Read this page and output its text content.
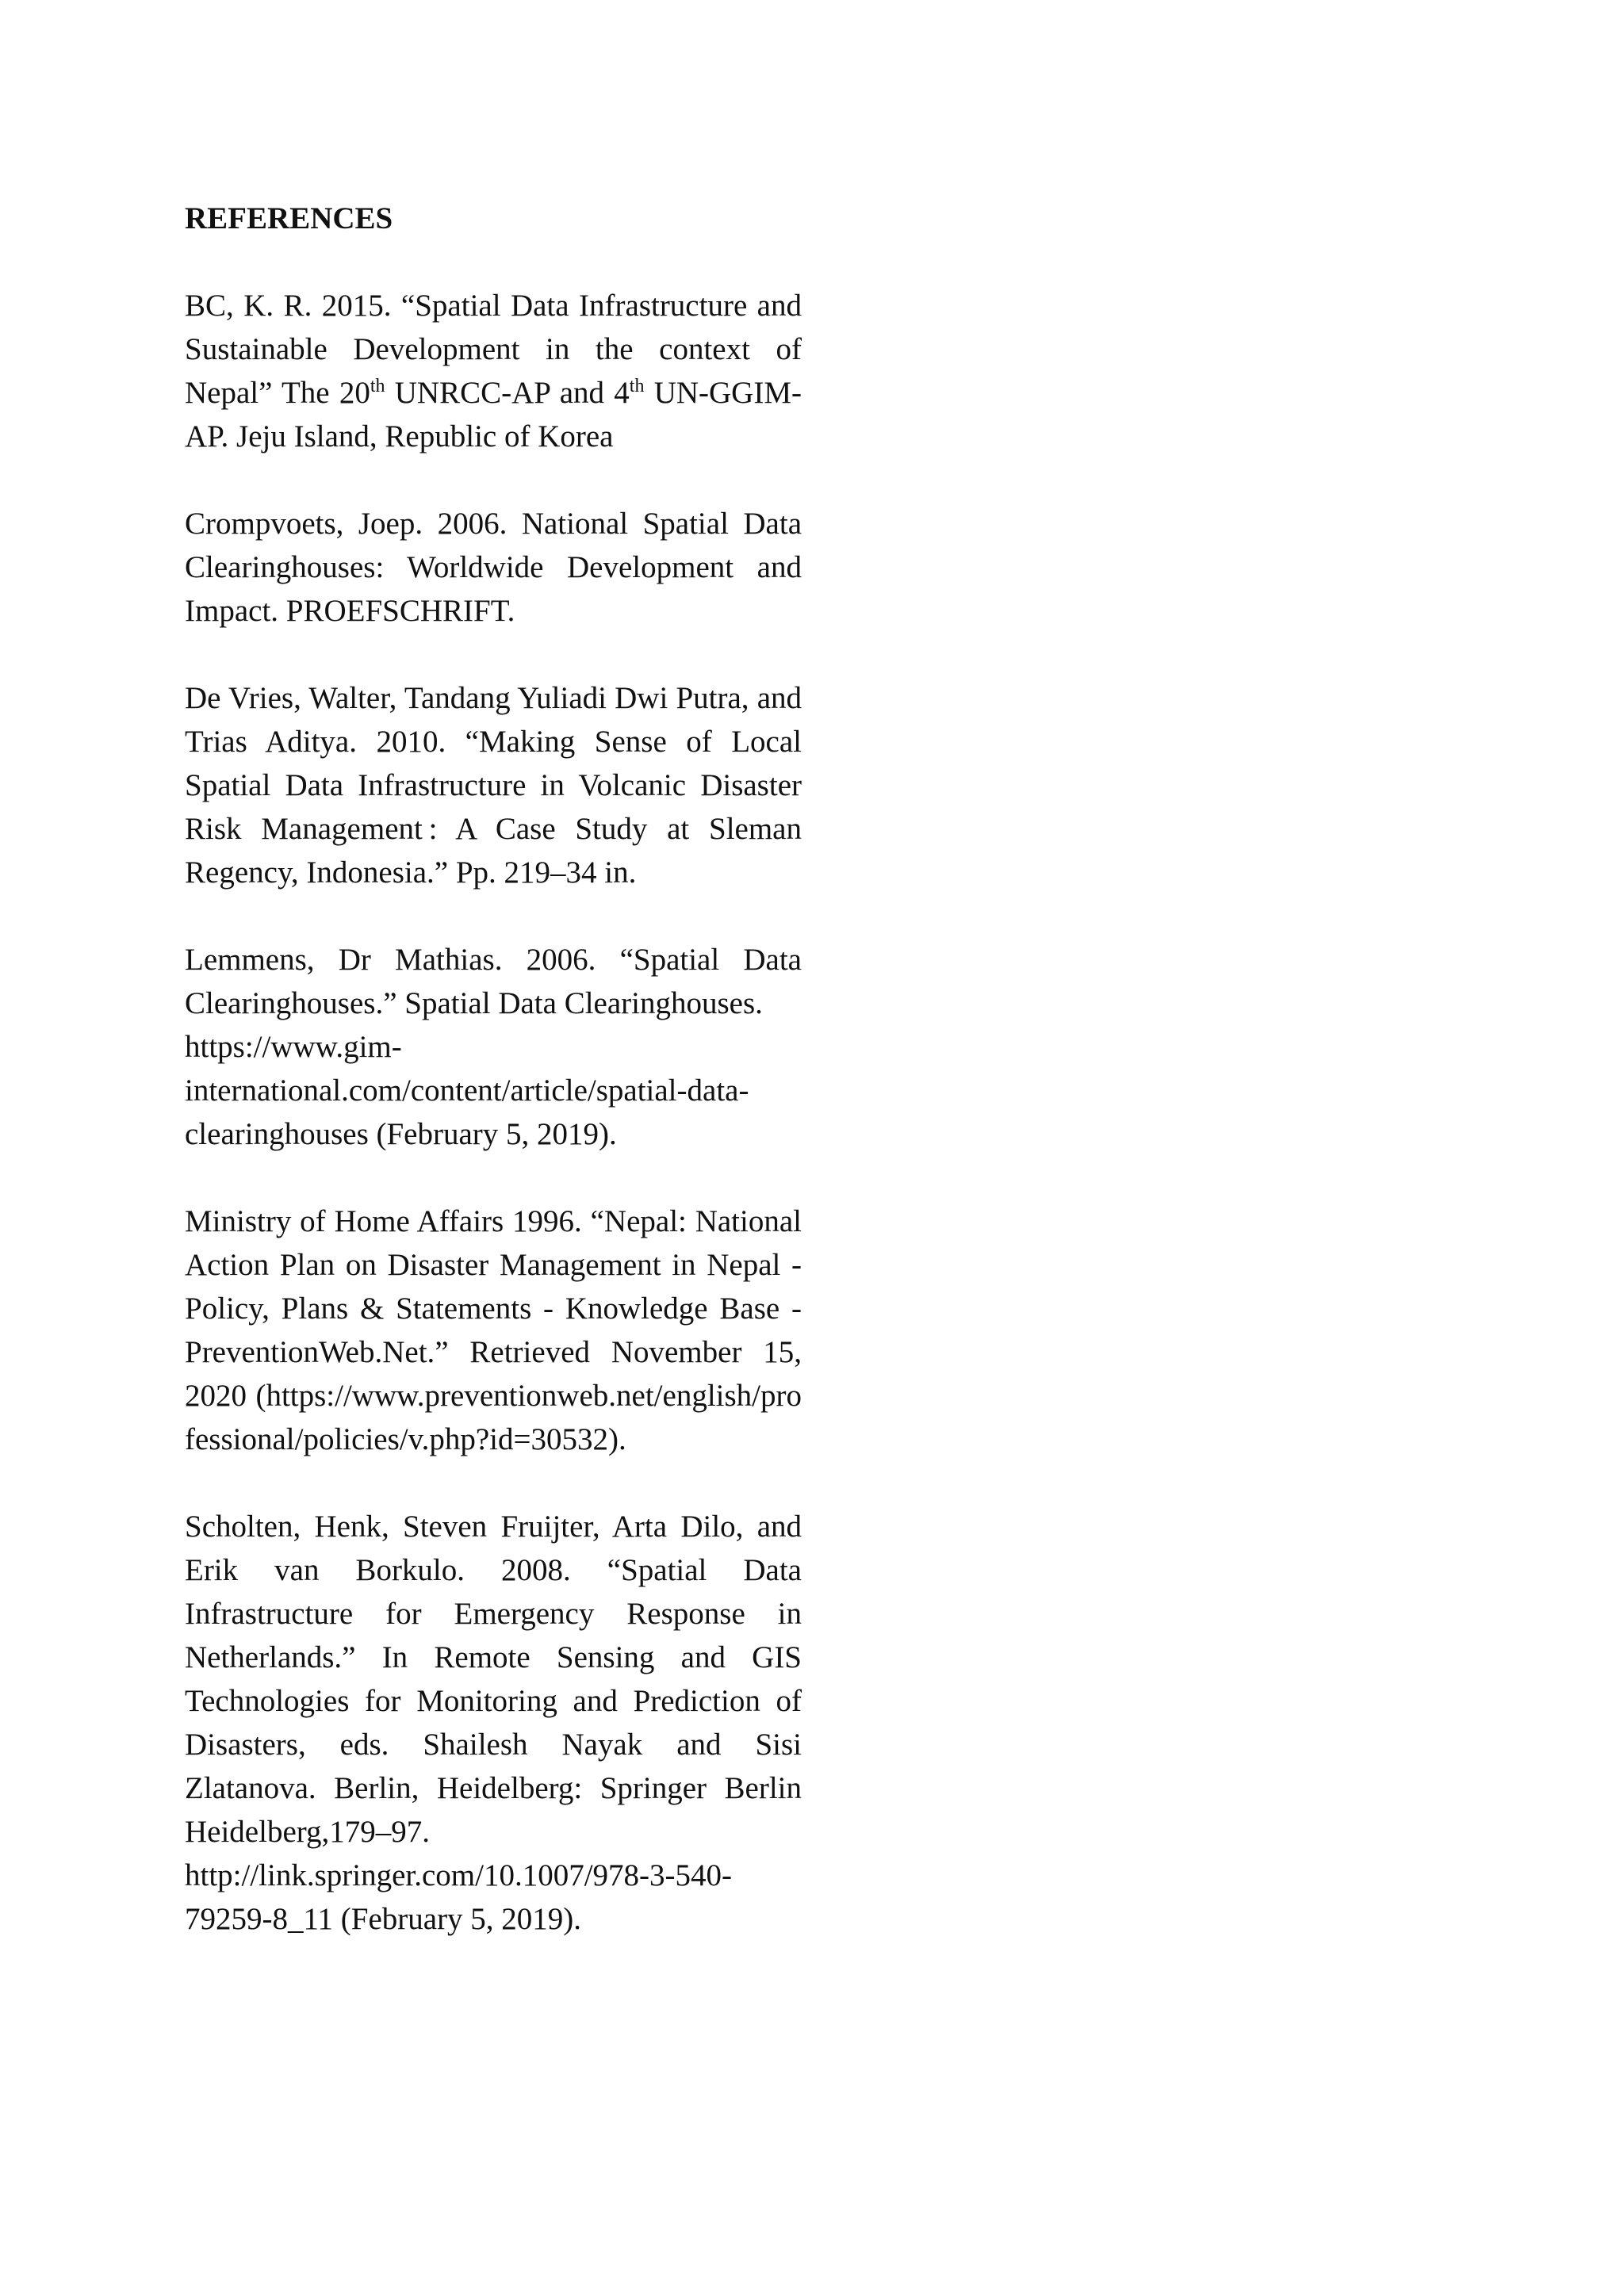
REFERENCES

BC, K. R. 2015. “Spatial Data Infrastructure and Sustainable Development in the context of Nepal” The 20th UNRCC-AP and 4th UN-GGIM-AP. Jeju Island, Republic of Korea

Crompvoets, Joep. 2006. National Spatial Data Clearinghouses: Worldwide Development and Impact. PROEFSCHRIFT.

De Vries, Walter, Tandang Yuliadi Dwi Putra, and Trias Aditya. 2010. “Making Sense of Local Spatial Data Infrastructure in Volcanic Disaster Risk Management : A Case Study at Sleman Regency, Indonesia.” Pp. 219–34 in.

Lemmens, Dr Mathias. 2006. “Spatial Data Clearinghouses.” Spatial Data Clearinghouses.
https://www.gim-
international.com/content/article/spatial-data-
clearinghouses (February 5, 2019).

Ministry of Home Affairs 1996. “Nepal: National Action Plan on Disaster Management in Nepal -Policy, Plans & Statements - Knowledge Base -PreventionWeb.Net.” Retrieved November 15, 2020 (https://www.preventionweb.net/english/professional/policies/v.php?id=30532).

Scholten, Henk, Steven Fruijter, Arta Dilo, and Erik van Borkulo. 2008. “Spatial Data Infrastructure for Emergency Response in Netherlands.” In Remote Sensing and GIS Technologies for Monitoring and Prediction of Disasters, eds. Shailesh Nayak and Sisi Zlatanova. Berlin, Heidelberg: Springer Berlin Heidelberg,179–97.
http://link.springer.com/10.1007/978-3-540-
79259-8_11 (February 5, 2019).
